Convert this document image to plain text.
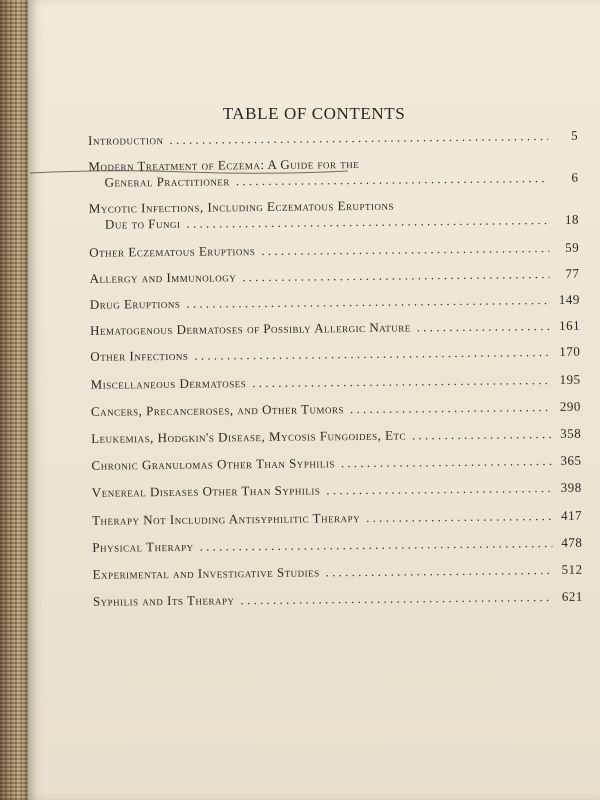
TABLE OF CONTENTS
Introduction . . .	5
Modern Treatment of Eczema: A Guide for the
General Practitioner . . .	6
Mycotic Infections, Including Eczematous Eruptions
Due to Fungi . . .	18
Other Eczematous Eruptions . . .	59
Allergy and Immunology . . .	77
Drug Eruptions . . .	149
Hematogenous Dermatoses of Possibly Allergic Nature . . .	161
Other Infections . . .	170
Miscellaneous Dermatoses . . .	195
Cancers, Precanceroses, and Other Tumors . . .	290
Leukemias, Hodgkin's Disease, Mycosis Fungoides, Etc . . .	358
Chronic Granulomas Other Than Syphilis . . .	365
Venereal Diseases Other Than Syphilis . . .	398
Therapy Not Including Antisyphilitic Therapy . . .	417
Physical Therapy . . .	478
Experimental and Investigative Studies . . .	512
Syphilis and Its Therapy . . .	621
